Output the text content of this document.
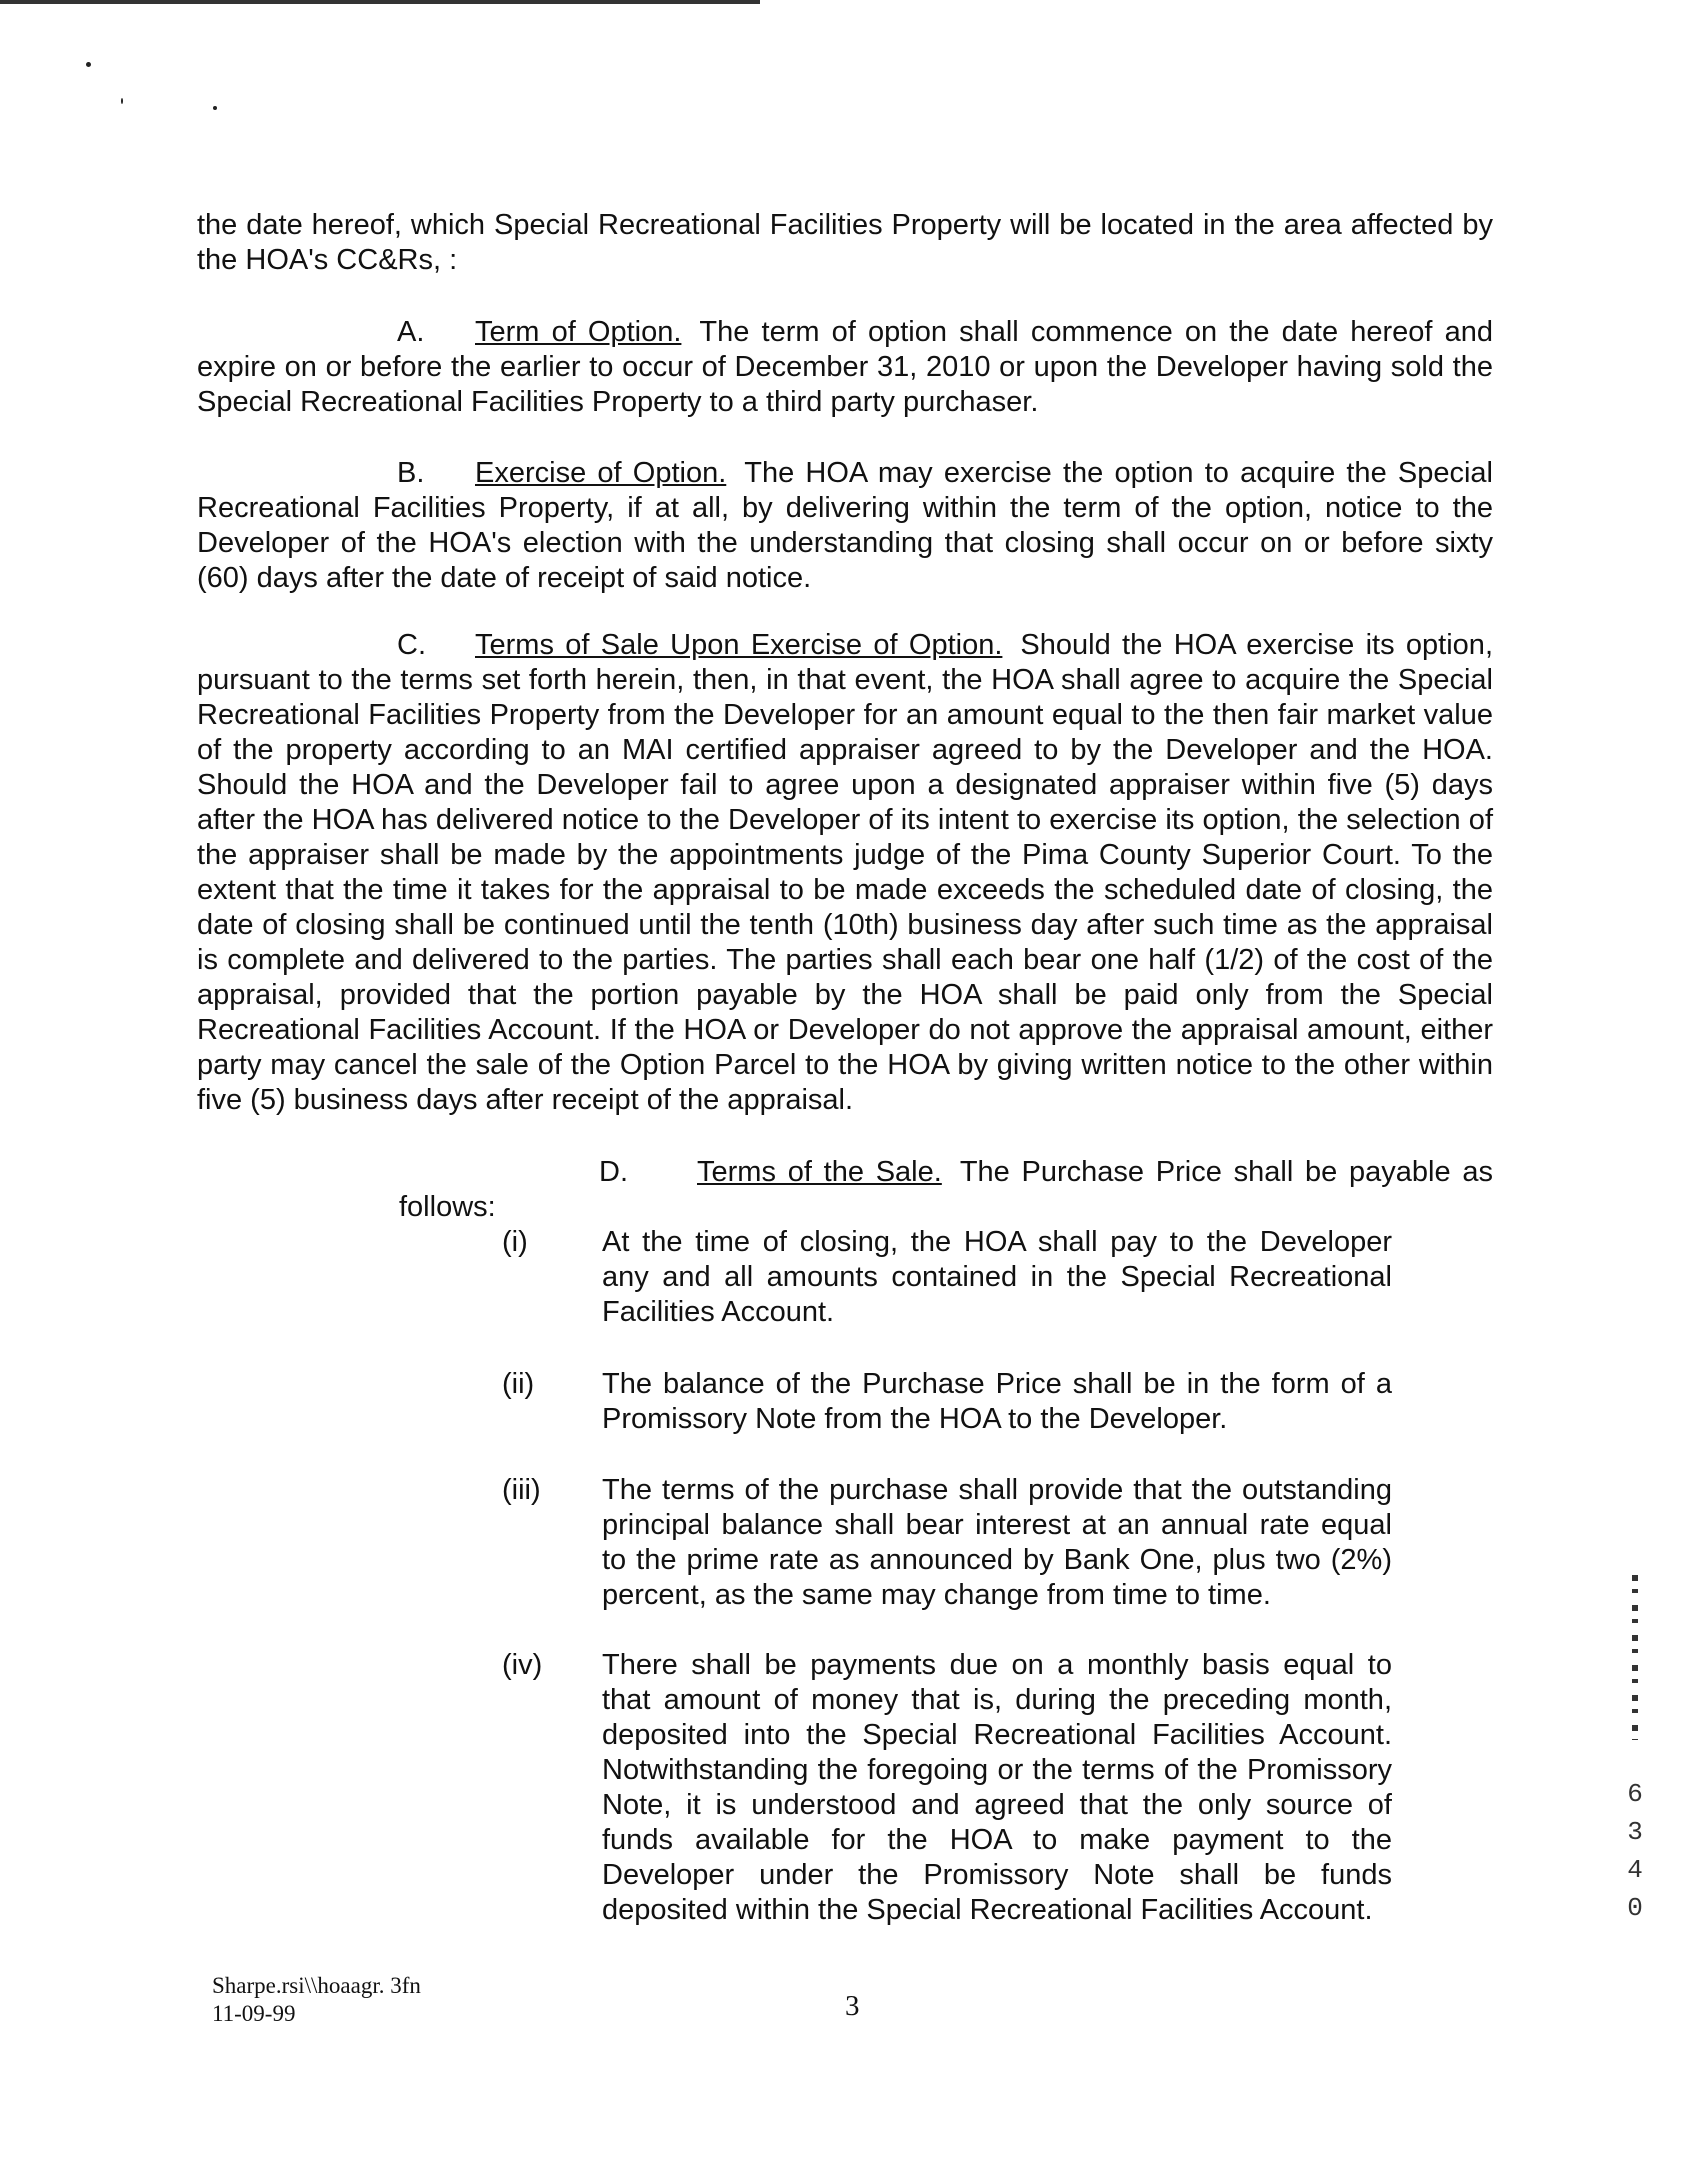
the date hereof, which Special Recreational Facilities Property will be located in the area affected by the HOA's CC&Rs, :

A. Term of Option. The term of option shall commence on the date hereof and expire on or before the earlier to occur of December 31, 2010 or upon the Developer having sold the Special Recreational Facilities Property to a third party purchaser.

B. Exercise of Option. The HOA may exercise the option to acquire the Special Recreational Facilities Property, if at all, by delivering within the term of the option, notice to the Developer of the HOA's election with the understanding that closing shall occur on or before sixty (60) days after the date of receipt of said notice.

C. Terms of Sale Upon Exercise of Option. Should the HOA exercise its option, pursuant to the terms set forth herein, then, in that event, the HOA shall agree to acquire the Special Recreational Facilities Property from the Developer for an amount equal to the then fair market value of the property according to an MAI certified appraiser agreed to by the Developer and the HOA. Should the HOA and the Developer fail to agree upon a designated appraiser within five (5) days after the HOA has delivered notice to the Developer of its intent to exercise its option, the selection of the appraiser shall be made by the appointments judge of the Pima County Superior Court. To the extent that the time it takes for the appraisal to be made exceeds the scheduled date of closing, the date of closing shall be continued until the tenth (10th) business day after such time as the appraisal is complete and delivered to the parties. The parties shall each bear one half (1/2) of the cost of the appraisal, provided that the portion payable by the HOA shall be paid only from the Special Recreational Facilities Account. If the HOA or Developer do not approve the appraisal amount, either party may cancel the sale of the Option Parcel to the HOA by giving written notice to the other within five (5) business days after receipt of the appraisal.

D. Terms of the Sale. The Purchase Price shall be payable as follows:

(i)	At the time of closing, the HOA shall pay to the Developer any and all amounts contained in the Special Recreational Facilities Account.
(ii) The balance of the Purchase Price shall be in the form of a Promissory Note from the HOA to the Developer.
(iii) The terms of the purchase shall provide that the outstanding principal balance shall bear interest at an annual rate equal to the prime rate as announced by Bank One, plus two (2%) percent, as the same may change from time to time.
(iv) There shall be payments due on a monthly basis equal to that amount of money that is, during the preceding month, deposited into the Special Recreational Facilities Account. Notwithstanding the foregoing or the terms of the Promissory Note, it is understood and agreed that the only source of funds available for the HOA to make payment to the Developer under the Promissory Note shall be funds deposited within the Special Recreational Facilities Account.
Sharpe.rsi\\hoaagr. 3fn
11-09-99	3
6340
